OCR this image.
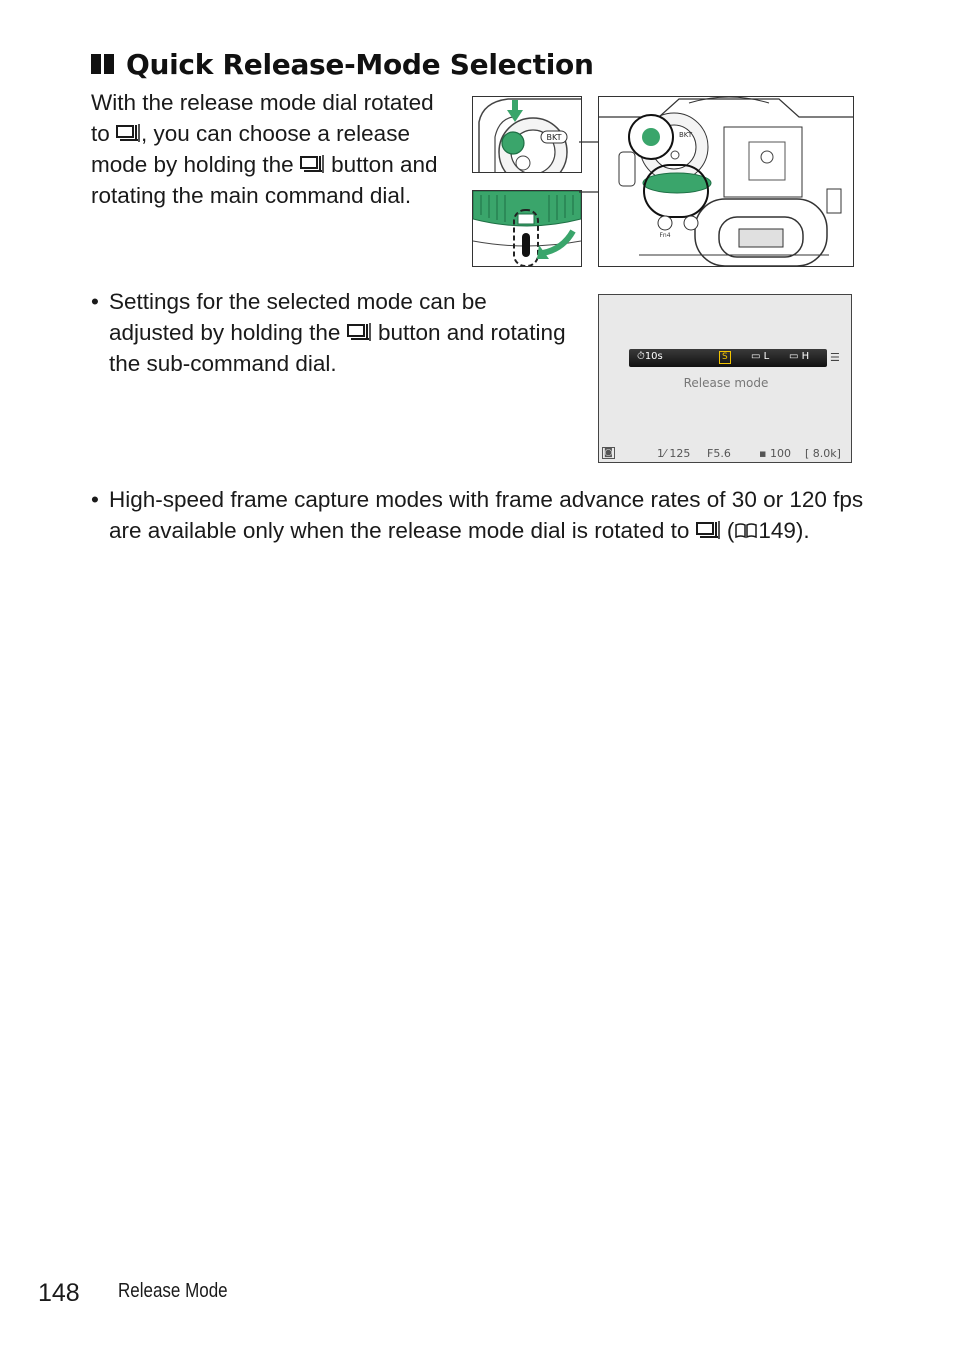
Quick Release-Mode Selection
With the release mode dial rotated to , you can choose a release mode by holding the  button and rotating the main command dial.
BKT	BKT
Fn4
• Settings for the selected mode can be adjusted by holding the  button and rotating the sub-command dial.	⏱10s	S	▭ L ▭ H ☰
Release mode
◙	1⁄ 125 F5.6	▪ 100 [ 8.0k]
• High-speed frame capture modes with frame advance rates of 30 or 120 fps are available only when the release mode dial is rotated to  ( 149).
148 Release Mode
